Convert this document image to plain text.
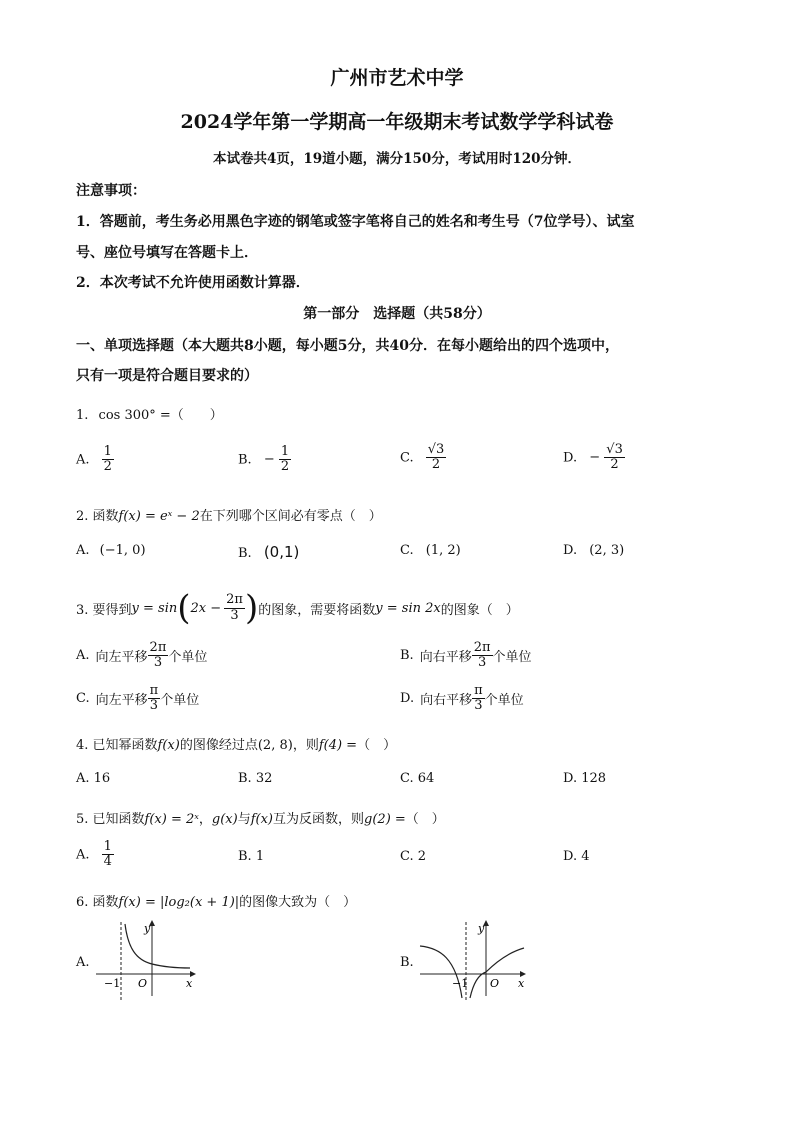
广州市艺术中学
2024学年第一学期高一年级期末考试数学学科试卷
本试卷共4页，19道小题，满分150分，考试用时120分钟．
注意事项：
1．答题前，考生务必用黑色字迹的钢笔或签字笔将自己的姓名和考生号（7位学号）、试室
号、座位号填写在答题卡上．
2．本次考试不允许使用函数计算器．
第一部分　选择题（共58分）
一、单项选择题（本大题共8小题，每小题5分，共40分．在每小题给出的四个选项中，
只有一项是符合题目要求的）
1. cos 300° =（　　）
A. $\frac{1}{2}$	B. − $\frac{1}{2}$	C. $\frac{√3}{2}$	D. − $\frac{√3}{2}$
2. 函数f(x) = eˣ − 2在下列哪个区间必有零点（　）
A. (−1, 0)	B. (0,1)	C. (1, 2)	D. (2, 3)
3. 要得到 y = sin ( $2x - \frac{2\pi}{3}$ ) 的图象，需要将函数 y = sin 2x 的图象（　）
A. 向左平移 $\frac{2\pi}{3}$ 个单位	B. 向右平移 $\frac{2\pi}{3}$ 个单位
C. 向左平移 $\frac{\pi}{3}$ 个单位	D. 向右平移 $\frac{\pi}{3}$ 个单位
4. 已知幂函数f(x)的图像经过点(2, 8)，则f(4) =（　）
A. 16	B. 32	C. 64	D. 128
5. 已知函数f(x) = 2ˣ，g(x)与f(x)互为反函数，则g(2) =（　）
A. $\frac{1}{4}$	B. 1	C. 2	D. 4
6. 函数f(x) = |log₂(x + 1)|的图像大致为（　）
A.
y
x
O
−1
B.
y
x
O
−1
